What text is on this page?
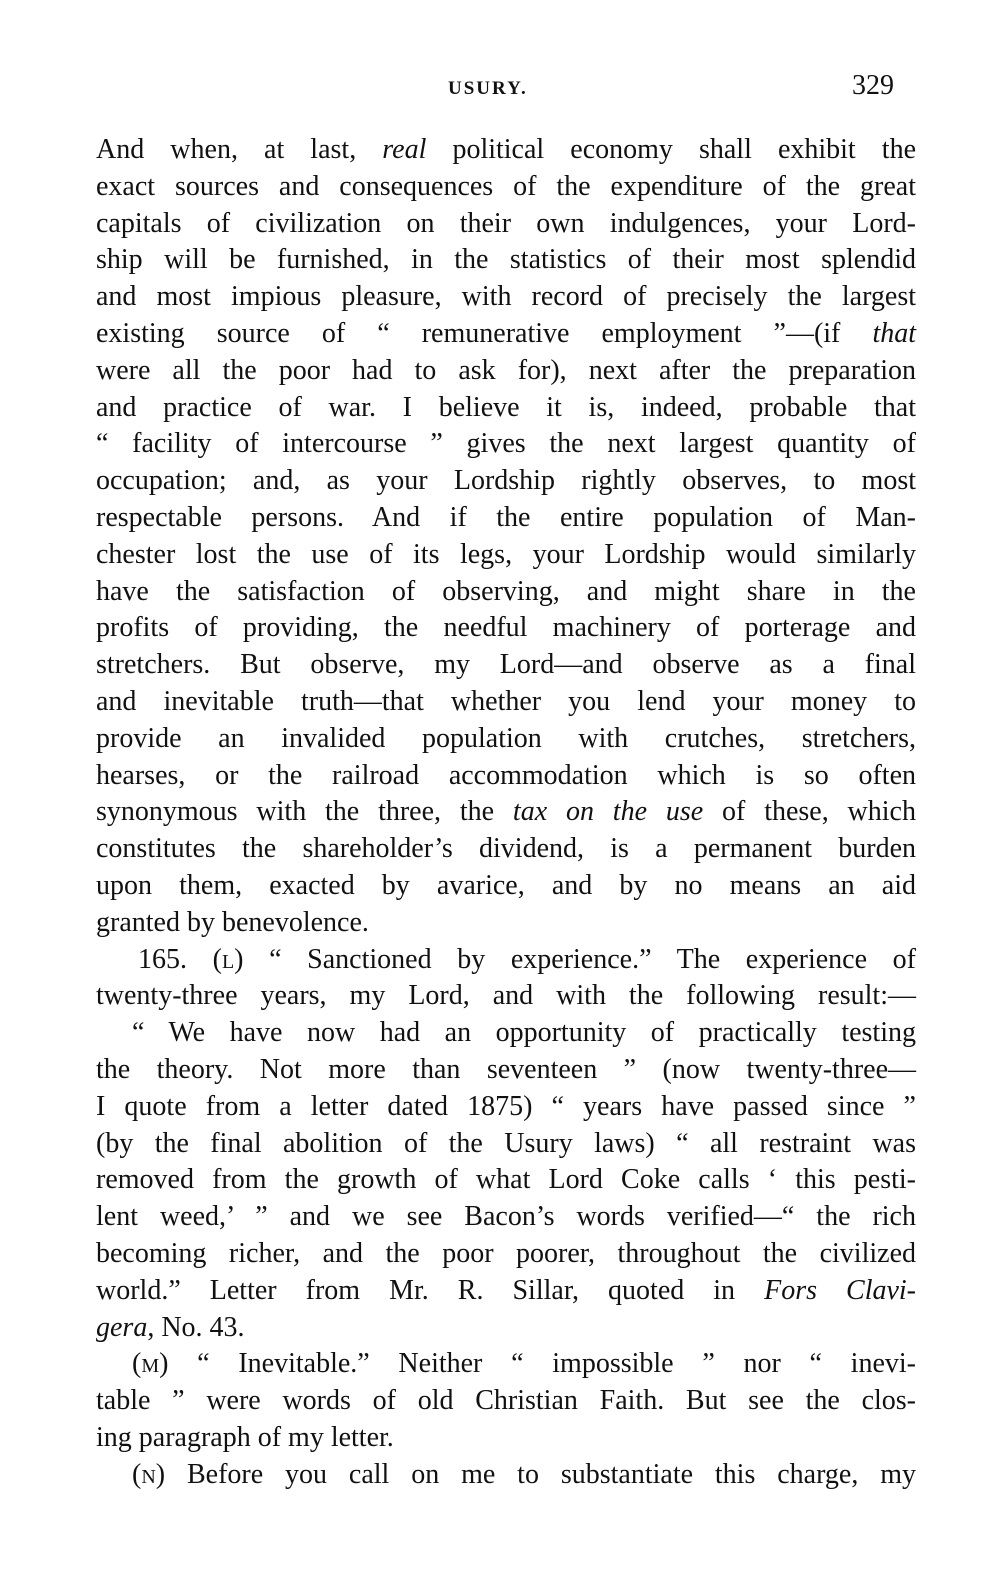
USURY.	329
And when, at last, real political economy shall exhibit the
exact sources and consequences of the expenditure of the great
capitals of civilization on their own indulgences, your Lord-
ship will be furnished, in the statistics of their most splendid
and most impious pleasure, with record of precisely the largest
existing source of “ remunerative employment ”—(if that
were all the poor had to ask for), next after the preparation
and practice of war. I believe it is, indeed, probable that
“ facility of intercourse ” gives the next largest quantity of
occupation; and, as your Lordship rightly observes, to most
respectable persons. And if the entire population of Man-
chester lost the use of its legs, your Lordship would similarly
have the satisfaction of observing, and might share in the
profits of providing, the needful machinery of porterage and
stretchers. But observe, my Lord—and observe as a final
and inevitable truth—that whether you lend your money to
provide an invalided population with crutches, stretchers,
hearses, or the railroad accommodation which is so often
synonymous with the three, the tax on the use of these, which
constitutes the shareholder’s dividend, is a permanent burden
upon them, exacted by avarice, and by no means an aid
granted by benevolence.
165. (l) “ Sanctioned by experience.” The experience of
twenty-three years, my Lord, and with the following result:—
“ We have now had an opportunity of practically testing
the theory. Not more than seventeen ” (now twenty-three—
I quote from a letter dated 1875) “ years have passed since ”
(by the final abolition of the Usury laws) “ all restraint was
removed from the growth of what Lord Coke calls ‘ this pesti-
lent weed,’ ” and we see Bacon’s words verified—“ the rich
becoming richer, and the poor poorer, throughout the civilized
world.” Letter from Mr. R. Sillar, quoted in Fors Clavi-
gera, No. 43.
(m) “ Inevitable.” Neither “ impossible ” nor “ inevi-
table ” were words of old Christian Faith. But see the clos-
ing paragraph of my letter.
(n) Before you call on me to substantiate this charge, my
